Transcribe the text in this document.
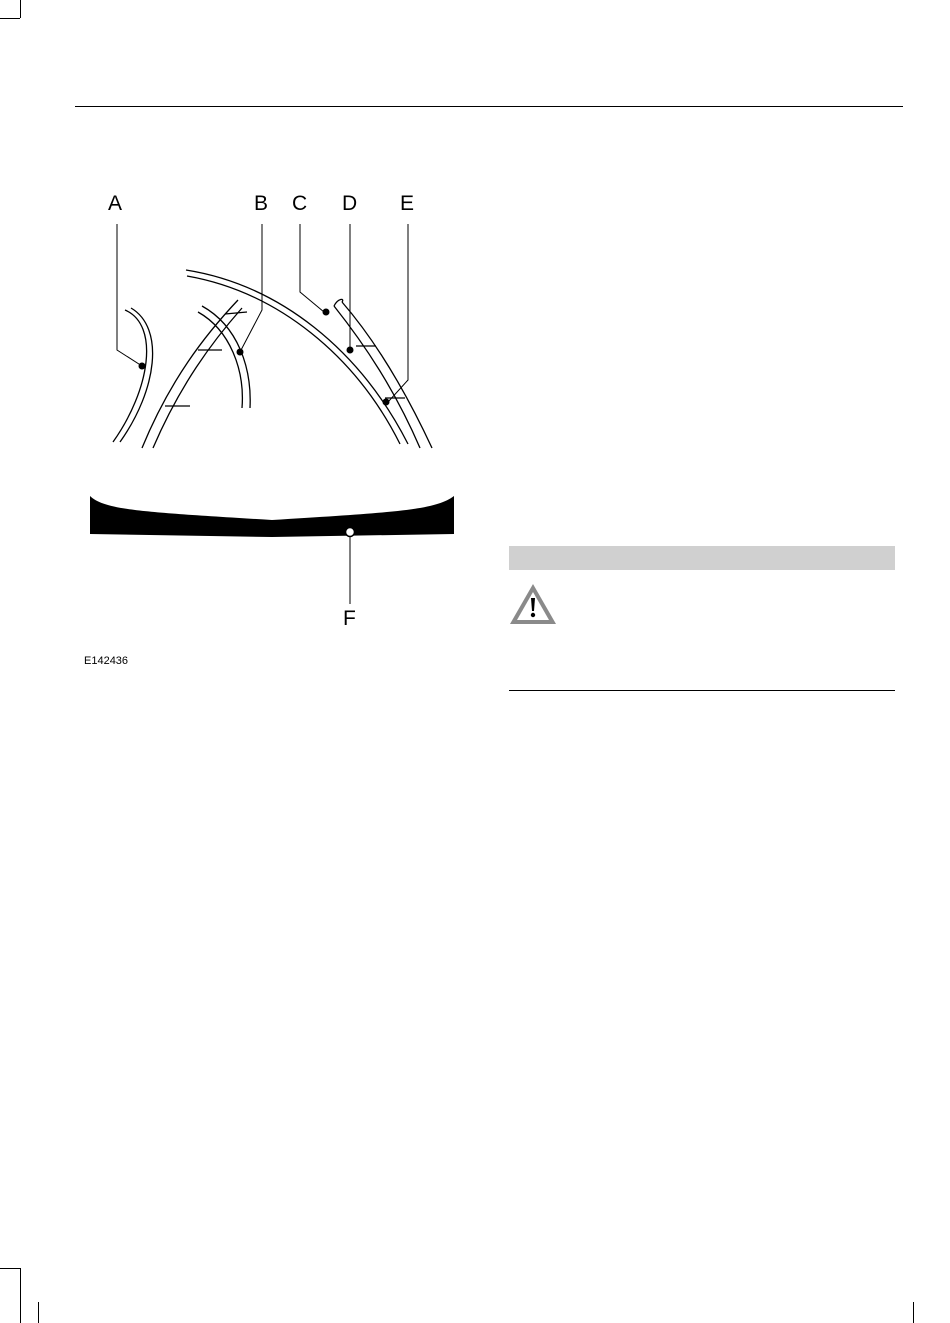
A	B C D E
F
E142436
